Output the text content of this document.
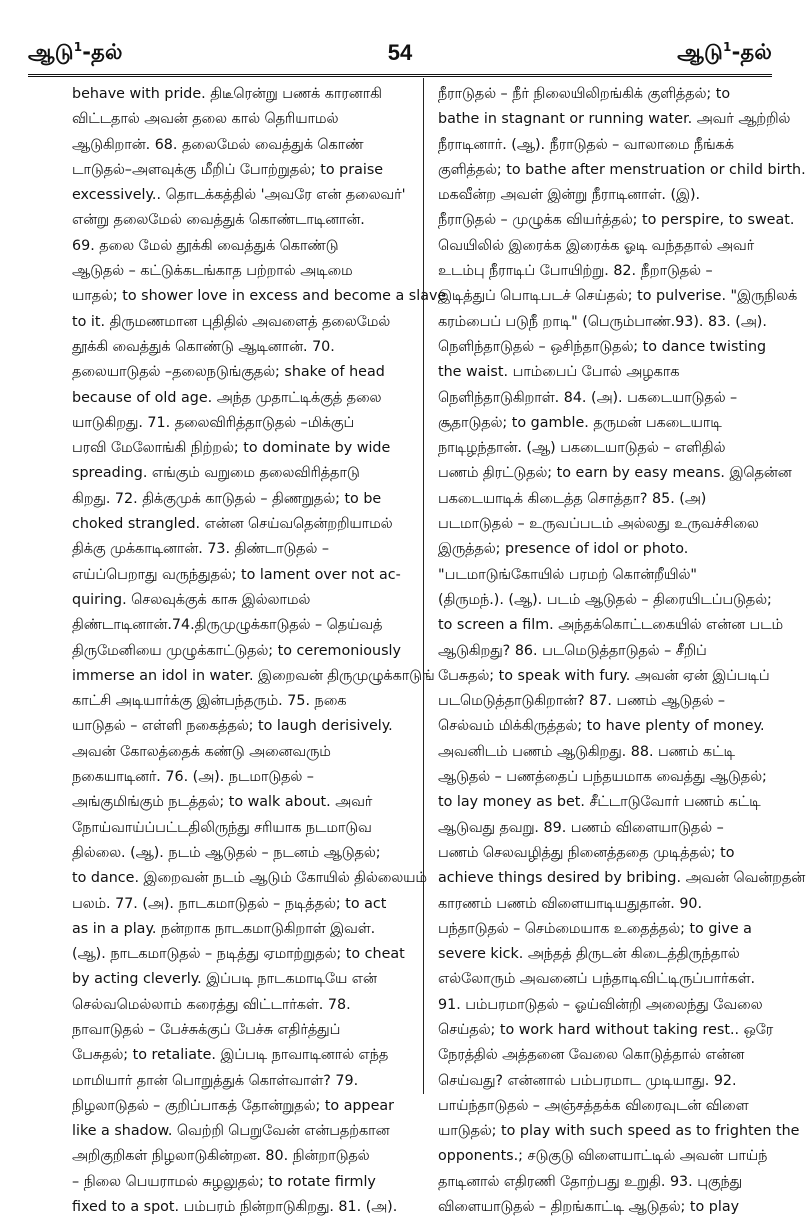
ஆடு$^1$-தல்	54	ஆடு$^1$-தல்
behave with pride. திடீரென்று பணக் காரனாகி
விட்டதால் அவன் தலை கால் தெரியாமல்
ஆடுகிறான். 68. தலைமேல் வைத்துக் கொண்
டாடுதல்–அளவுக்கு மீறிப் போற்றுதல்; to praise
excessively.. தொடக்கத்தில் 'அவரே என் தலைவர்'
என்று தலைமேல் வைத்துக் கொண்டாடினான்.
69. தலை மேல் தூக்கி வைத்துக் கொண்டு
ஆடுதல் – கட்டுக்கடங்காத பற்றால் அடிமை
யாதல்; to shower love in excess and become a slave
to it. திருமணமான புதிதில் அவளைத் தலைமேல்
தூக்கி வைத்துக் கொண்டு ஆடினான். 70.
தலையாடுதல் –தலைநடுங்குதல்; shake of head
because of old age. அந்த முதாட்டிக்குத் தலை
யாடுகிறது. 71. தலைவிரித்தாடுதல் –மிக்குப்
பரவி மேலோங்கி நிற்றல்; to dominate by wide
spreading. எங்கும் வறுமை தலைவிரித்தாடு
கிறது. 72. திக்குமுக் காடுதல் – திணறுதல்; to be
choked strangled. என்ன செய்வதென்றறியாமல்
திக்கு முக்காடினான். 73. திண்டாடுதல் –
எய்ப்பெறாது வருந்துதல்; to lament over not ac-
quiring. செலவுக்குக் காசு இல்லாமல்
திண்டாடினான்.74.திருமுழுக்காடுதல் – தெய்வத்
திருமேனியை முழுக்காட்டுதல்; to ceremoniously
immerse an idol in water. இறைவன் திருமுழுக்காடுங்
காட்சி அடியார்க்கு இன்பந்தரும். 75. நகை
யாடுதல் – எள்ளி நகைத்தல்; to laugh derisively.
அவன் கோலத்தைக் கண்டு அனைவரும்
நகையாடினர். 76. (அ). நடமாடுதல் –
அங்குமிங்கும் நடத்தல்; to walk about. அவர்
நோய்வாய்ப்பட்டதிலிருந்து சரியாக நடமாடுவ
தில்லை. (ஆ). நடம் ஆடுதல் – நடனம் ஆடுதல்;
to dance. இறைவன் நடம் ஆடும் கோயில் தில்லையம்
பலம். 77. (அ). நாடகமாடுதல் – நடித்தல்; to act
as in a play. நன்றாக நாடகமாடுகிறாள் இவள்.
(ஆ). நாடகமாடுதல் – நடித்து ஏமாற்றுதல்; to cheat
by acting cleverly. இப்படி நாடகமாடியே என்
செல்வமெல்லாம் கரைத்து விட்டார்கள். 78.
நாவாடுதல் – பேச்சுக்குப் பேச்சு எதிர்த்துப்
பேசுதல்; to retaliate. இப்படி நாவாடினால் எந்த
மாமியார் தான் பொறுத்துக் கொள்வாள்? 79.
நிழலாடுதல் – குறிப்பாகத் தோன்றுதல்; to appear
like a shadow. வெற்றி பெறுவேன் என்பதற்கான
அறிகுறிகள் நிழலாடுகின்றன. 80. நின்றாடுதல்
– நிலை பெயராமல் சுழலுதல்; to rotate firmly
fixed to a spot. பம்பரம் நின்றாடுகிறது. 81. (அ).
நீராடுதல் – நீர் நிலையிலிறங்கிக் குளித்தல்; to
bathe in stagnant or running water. அவர் ஆற்றில்
நீராடினார். (ஆ). நீராடுதல் – வாலாமை நீங்கக்
குளித்தல்; to bathe after menstruation or child birth.
மகவீன்ற அவள் இன்று நீராடினாள். (இ).
நீராடுதல் – முழுக்க வியர்த்தல்; to perspire, to sweat.
வெயிலில் இரைக்க இரைக்க ஓடி வந்ததால் அவர்
உடம்பு நீராடிப் போயிற்று. 82. நீறாடுதல் –
இடித்துப் பொடிபடச் செய்தல்; to pulverise. "இருநிலக்
கரம்பைப் படுநீ றாடி" (பெரும்பாண்.93). 83. (அ).
நெளிந்தாடுதல் – ஒசிந்தாடுதல்; to dance twisting
the waist. பாம்பைப் போல் அழகாக
நெளிந்தாடுகிறாள். 84. (அ). பகடையாடுதல் –
சூதாடுதல்; to gamble. தருமன் பகடையாடி
நாடிழந்தான். (ஆ) பகடையாடுதல் – எளிதில்
பணம் திரட்டுதல்; to earn by easy means. இதென்ன
பகடையாடிக் கிடைத்த சொத்தா? 85. (அ)
படமாடுதல் – உருவப்படம் அல்லது உருவச்சிலை
இருத்தல்; presence of idol or photo.
"படமாடுங்கோயில் பரமற் கொன்றீயில்"
(திருமந்.). (ஆ). படம் ஆடுதல் – திரையிடப்படுதல்;
to screen a film. அந்தக்கொட்டகையில் என்ன படம்
ஆடுகிறது? 86. படமெடுத்தாடுதல் – சீறிப்
பேசுதல்; to speak with fury. அவன் ஏன் இப்படிப்
படமெடுத்தாடுகிறான்? 87. பணம் ஆடுதல் –
செல்வம் மிக்கிருத்தல்; to have plenty of money.
அவனிடம் பணம் ஆடுகிறது. 88. பணம் கட்டி
ஆடுதல் – பணத்தைப் பந்தயமாக வைத்து ஆடுதல்;
to lay money as bet. சீட்டாடுவோர் பணம் கட்டி
ஆடுவது தவறு. 89. பணம் விளையாடுதல் –
பணம் செலவழித்து நினைத்ததை முடித்தல்; to
achieve things desired by bribing. அவன் வென்றதன்
காரணம் பணம் விளையாடியதுதான். 90.
பந்தாடுதல் – செம்மையாக உதைத்தல்; to give a
severe kick. அந்தத் திருடன் கிடைத்திருந்தால்
எல்லோரும் அவனைப் பந்தாடிவிட்டிருப்பார்கள்.
91. பம்பரமாடுதல் – ஓய்வின்றி அலைந்து வேலை
செய்தல்; to work hard without taking rest.. ஒரே
நேரத்தில் அத்தனை வேலை கொடுத்தால் என்ன
செய்வது? என்னால் பம்பரமாட முடியாது. 92.
பாய்ந்தாடுதல் – அஞ்சத்தக்க விரைவுடன் விளை
யாடுதல்; to play with such speed as to frighten the
opponents.; சடுகுடு விளையாட்டில் அவன் பாய்ந்
தாடினால் எதிரணி தோற்பது உறுதி. 93. புகுந்து
விளையாடுதல் – திறங்காட்டி ஆடுதல்; to play
